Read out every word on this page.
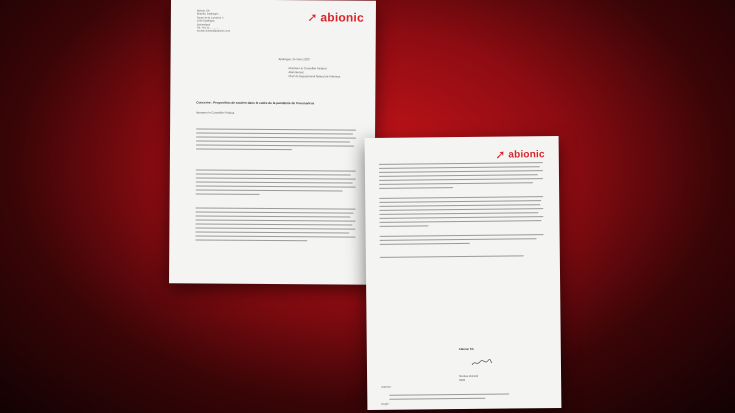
➚ abionic
Abionic SA
Biopôle, Epalinges
Route de la Corniche 5
1066 Epalinges
Switzerland
Tel: +41 21 ... ... ...
nicolas.durand@abionic.com
Epalinges, 25 mars 2020
Monsieur le Conseiller Fédéral
Alain Berset
Chef du Département fédéral de l'intérieur
Concerne : Proposition de soutien dans le cadre de la pandémie de Coronavirus
Monsieur le Conseiller Fédéral,
➚ abionic
Abionic SA
Nicolas Durand
CEO
Annexe :
Copie :
